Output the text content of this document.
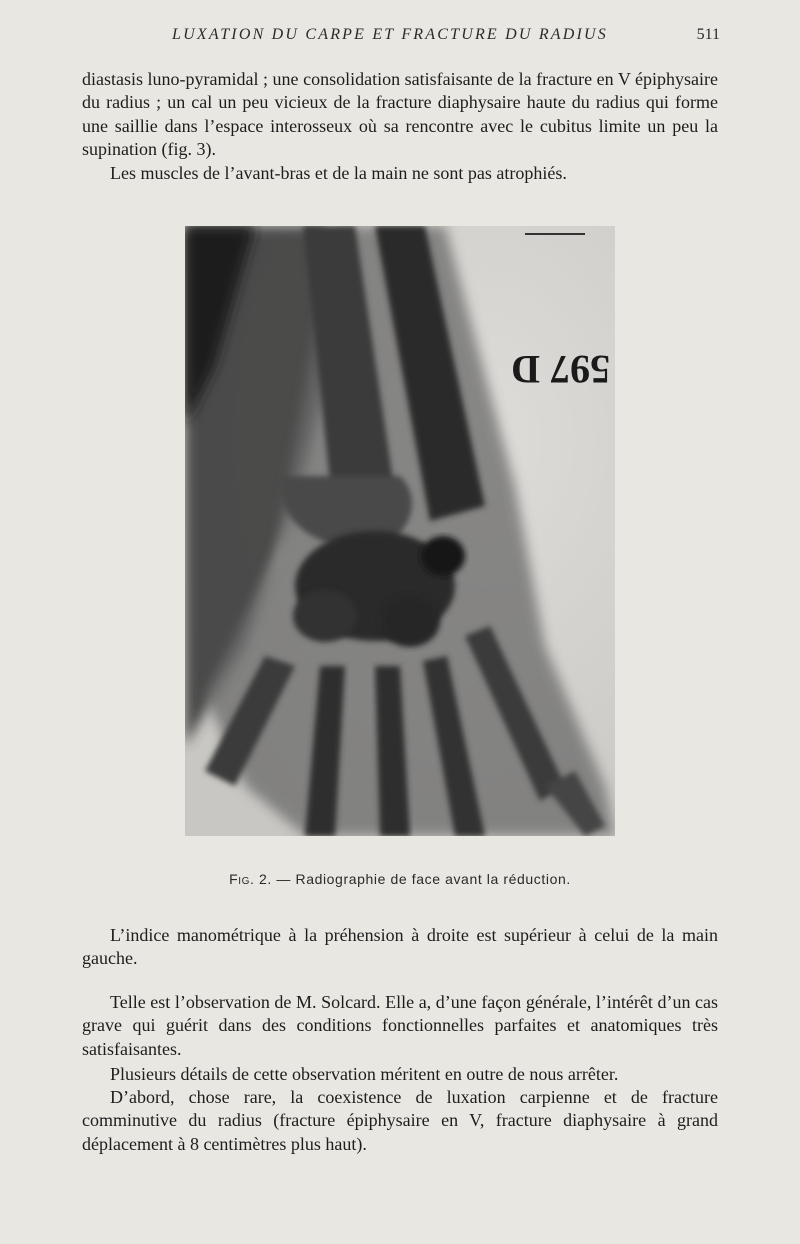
LUXATION DU CARPE ET FRACTURE DU RADIUS	511

diastasis luno-pyramidal ; une consolidation satisfaisante de la fracture en V épiphysaire du radius ; un cal un peu vicieux de la fracture diaphysaire haute du radius qui forme une saillie dans l’espace interosseux où sa rencontre avec le cubitus limite un peu la supination (fig. 3).

Les muscles de l’avant-bras et de la main ne sont pas atrophiés.

597 D
Fig. 2. — Radiographie de face avant la réduction.

L’indice manométrique à la préhension à droite est supérieur à celui de la main gauche.

Telle est l’observation de M. Solcard. Elle a, d’une façon générale, l’intérêt d’un cas grave qui guérit dans des conditions fonctionnelles parfaites et anatomiques très satisfaisantes.

Plusieurs détails de cette observation méritent en outre de nous arrêter.

D’abord, chose rare, la coexistence de luxation carpienne et de fracture comminutive du radius (fracture épiphysaire en V, fracture diaphysaire à grand déplacement à 8 centimètres plus haut).
